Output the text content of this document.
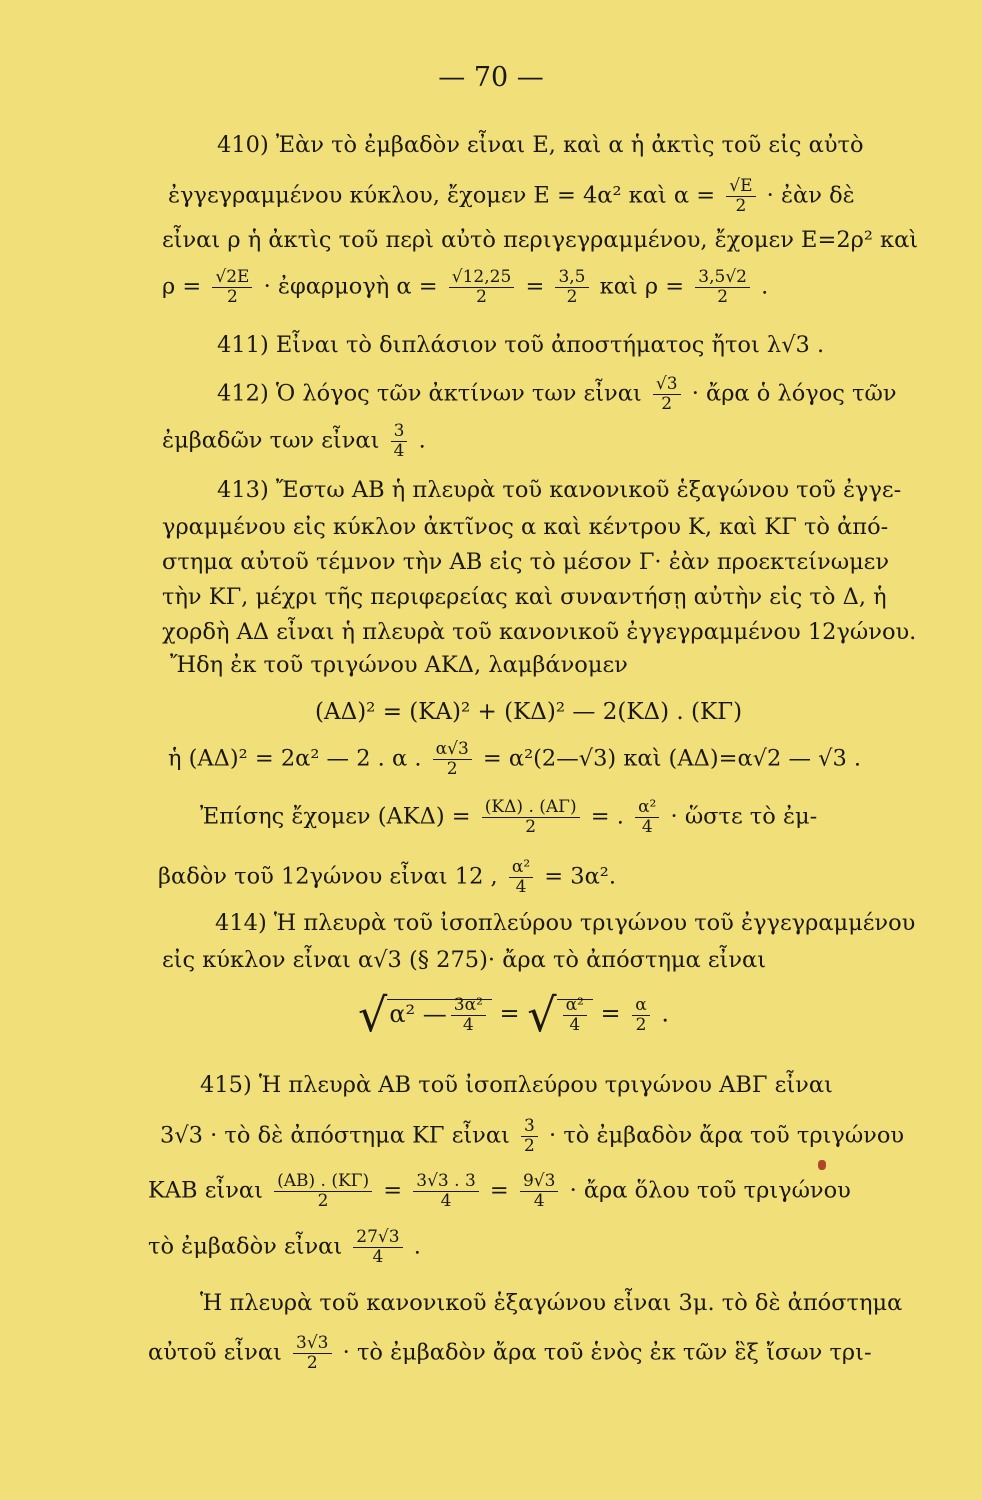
— 70 —
410) Ἐὰν τὸ ἐμβαδὸν εἶναι Ε, καὶ α ἡ ἀκτὶς τοῦ εἰς αὐτὸ
ἐγγεγραμμένου κύκλου, ἔχομεν Ε = 4α² καὶ $\alpha = \frac{√E}{2}$ · ἐὰν δὲ
εἶναι ρ ἡ ἀκτὶς τοῦ περὶ αὐτὸ περιγεγραμμένου, ἔχομεν Ε=2ρ² καὶ
$\rho = \frac{√2E}{2}$ · ἐφαρμογὴ $\alpha = \frac{√12,25}{2} = \frac{3,5}{2}$ καὶ $\rho = \frac{3,5√2}{2}$ .
411) Εἶναι τὸ διπλάσιον τοῦ ἀποστήματος ἤτοι λ√3 .
412) Ὁ λόγος τῶν ἀκτίνων των εἶναι $\frac{√3}{2}$ · ἄρα ὁ λόγος τῶν
ἐμβαδῶν των εἶναι $\frac{3}{4}$ .
413) Ἔστω ΑΒ ἡ πλευρὰ τοῦ κανονικοῦ ἑξαγώνου τοῦ ἐγγε-
γραμμένου εἰς κύκλον ἀκτῖνος α καὶ κέντρου Κ, καὶ ΚΓ τὸ ἀπό-
στημα αὐτοῦ τέμνον τὴν ΑΒ εἰς τὸ μέσον Γ· ἐὰν προεκτείνωμεν
τὴν ΚΓ, μέχρι τῆς περιφερείας καὶ συναντήσῃ αὐτὴν εἰς τὸ Δ, ἡ
χορδὴ ΑΔ εἶναι ἡ πλευρὰ τοῦ κανονικοῦ ἐγγεγραμμένου 12γώνου.
Ἤδη ἐκ τοῦ τριγώνου ΑΚΔ, λαμβάνομεν
(ΑΔ)² = (ΚΑ)² + (ΚΔ)² — 2(ΚΔ) . (ΚΓ)
ἡ (ΑΔ)² = 2α² — 2 . α . $\frac{\alpha√3}{2}$ = α²(2—√3) καὶ (ΑΔ)=α√2 — √3 .
Ἐπίσης ἔχομεν $(AK\Delta) = \frac{(K\Delta) . (A\Gamma)}{2}$ = . $\frac{\text{α²}}{4}$ · ὥστε τὸ ἐμ-
βαδὸν τοῦ 12γώνου εἶναι 12 , $\frac{\text{α²}}{4} = 3\alpha^2$.
414) Ἡ πλευρὰ τοῦ ἰσοπλεύρου τριγώνου τοῦ ἐγγεγραμμένου
εἰς κύκλον εἶναι α√3 (§ 275)· ἄρα τὸ ἀπόστημα εἶναι
√α² — $\frac{\text{3α²}}{4}$ = √ $\frac{\text{α²}}{4} = \frac{\alpha}{2}$ .
415) Ἡ πλευρὰ ΑΒ τοῦ ἰσοπλεύρου τριγώνου ΑΒΓ εἶναι
3√3 · τὸ δὲ ἀπόστημα ΚΓ εἶναι $\frac{3}{2}$ · τὸ ἐμβαδὸν ἄρα τοῦ τριγώνου
ΚΑΒ εἶναι $\frac{(AB) . (K\Gamma)}{2} = \frac{3√3 . 3}{4} = \frac{9√3}{4}$ · ἄρα ὅλου τοῦ τριγώνου
τὸ ἐμβαδὸν εἶναι $\frac{27√3}{4}$ .
Ἡ πλευρὰ τοῦ κανονικοῦ ἑξαγώνου εἶναι 3μ. τὸ δὲ ἀπόστημα
αὐτοῦ εἶναι $\frac{3√3}{2}$ · τὸ ἐμβαδὸν ἄρα τοῦ ἑνὸς ἐκ τῶν ἓξ ἴσων τρι-
